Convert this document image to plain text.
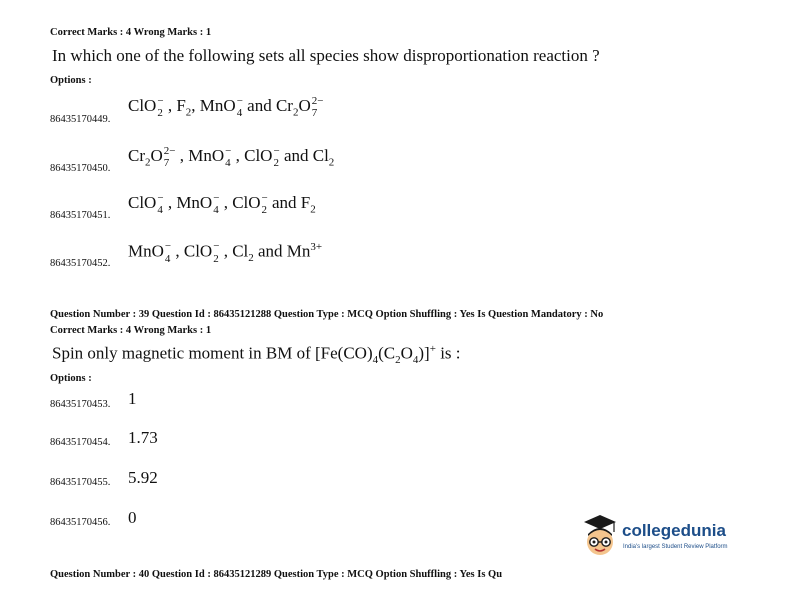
Correct Marks : 4 Wrong Marks : 1
In which one of the following sets all species show disproportionation reaction ?
Options :
86435170449.
ClO −
2 , $F_2$, MnO −
4 and $Cr_2O$ 2−
7
86435170450.
$Cr_2O$ 2−
7 , MnO −
4 , ClO −
2 and $Cl_2$
86435170451.
ClO −
4 , MnO −
4 , ClO −
2 and $F_2$
86435170452.
MnO −
4 , ClO −
2 , $Cl_2$ and $Mn^{3+}$
Question Number : 39 Question Id : 86435121288 Question Type : MCQ Option Shuffling : Yes Is Question Mandatory : No
Correct Marks : 4 Wrong Marks : 1
Spin only magnetic moment in BM of $[Fe(CO)_4(C_2O_4)]^+$ is :
Options :
86435170453. 1
86435170454. 1.73
86435170455. 5.92
86435170456. 0
Question Number : 40 Question Id : 86435121289 Question Type : MCQ Option Shuffling : Yes Is Qu
collegedunia
India's largest Student Review Platform
